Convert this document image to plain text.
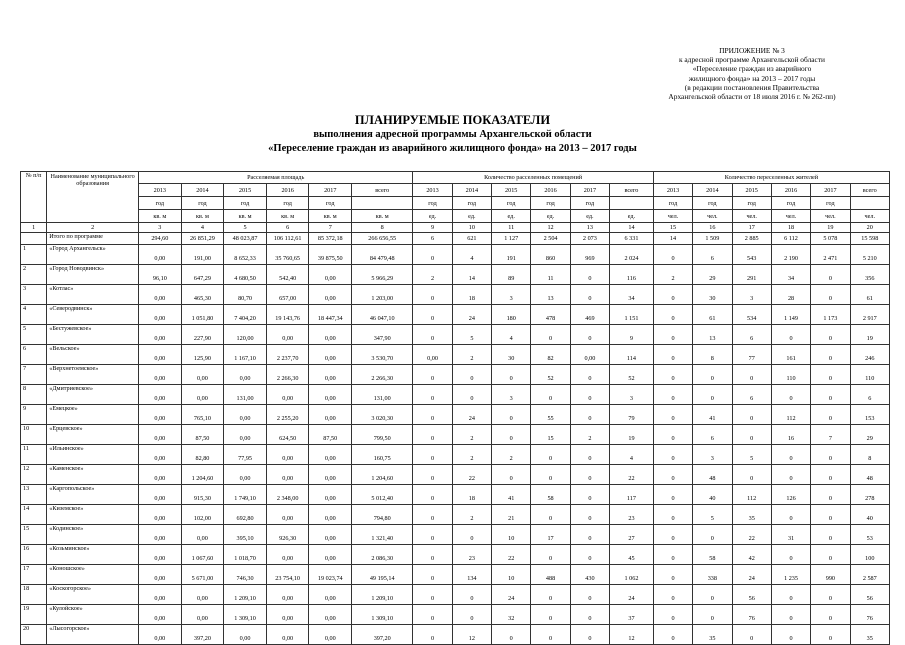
ПРИЛОЖЕНИЕ № 3
к адресной программе Архангельской области
«Переселение граждан из аварийного
жилищного фонда» на 2013 – 2017 годы
(в редакции постановления Правительства
Архангельской области от 18 июля 2016 г. № 262-пп)
ПЛАНИРУЕМЫЕ ПОКАЗАТЕЛИ
выполнения адресной программы Архангельской области
«Переселение граждан из аварийного жилищного фонда» на 2013 – 2017 годы
№ п/п	Наименование муниципального образования	Расселяемая площадь						Количество расселенных помещений						Количество переселенных жителей					
		2013	2014	2015	2016	2017	всего	2013	2014	2015	2016	2017	всего	2013	2014	2015	2016	2017	всего
		год	год	год	год	год		год	год	год	год	год		год	год	год	год	год	
		кв. м	кв. м	кв. м	кв. м	кв. м	кв. м	ед.	ед.	ед.	ед.	ед.	ед.	чел.	чел.	чел.	чел.	чел.	чел.
1	2	3	4	5	6	7	8	9	10	11	12	13	14	15	16	17	18	19	20
	Итого по программе	294,60	26 851,29	48 023,87	106 112,61	85 372,18	266 656,55	6	621	1 127	2 504	2 073	6 331	14	1 509	2 885	6 112	5 078	15 598
1	«Город Архангельск»	0,00	191,00	8 652,33	35 760,65	39 875,50	84 479,48	0	4	191	860	969	2 024	0	6	543	2 190	2 471	5 210
2	«Город Новодвинск»	96,10	647,29	4 680,50	542,40	0,00	5 966,29	2	14	89	11	0	116	2	29	291	34	0	356
3	«Котлас»	0,00	465,30	80,70	657,00	0,00	1 203,00	0	18	3	13	0	34	0	30	3	28	0	61
4	«Северодвинск»	0,00	1 051,80	7 404,20	19 143,76	18 447,34	46 047,10	0	24	180	478	469	1 151	0	61	534	1 149	1 173	2 917
5	«Бестужевское»	0,00	227,90	120,00	0,00	0,00	347,90	0	5	4	0	0	9	0	13	6	0	0	19
6	«Вельское»	0,00	125,90	1 167,10	2 237,70	0,00	3 530,70	0,00	2	30	82	0,00	114	0	8	77	161	0	246
7	«Верхнетоемское»	0,00	0,00	0,00	2 266,30	0,00	2 266,30	0	0	0	52	0	52	0	0	0	110	0	110
8	«Дмитриевское»	0,00	0,00	131,00	0,00	0,00	131,00	0	0	3	0	0	3	0	0	6	0	0	6
9	«Емецкое»	0,00	765,10	0,00	2 255,20	0,00	3 020,30	0	24	0	55	0	79	0	41	0	112	0	153
10	«Ерцевское»	0,00	87,50	0,00	624,50	87,50	799,50	0	2	0	15	2	19	0	6	0	16	7	29
11	«Ильинское»	0,00	82,80	77,95	0,00	0,00	160,75	0	2	2	0	0	4	0	3	5	0	0	8
12	«Каменское»	0,00	1 204,60	0,00	0,00	0,00	1 204,60	0	22	0	0	0	22	0	48	0	0	0	48
13	«Каргопольское»	0,00	915,30	1 749,10	2 348,00	0,00	5 012,40	0	18	41	58	0	117	0	40	112	126	0	278
14	«Киземское»	0,00	102,00	692,80	0,00	0,00	794,80	0	2	21	0	0	23	0	5	35	0	0	40
15	«Кодинское»	0,00	0,00	395,10	926,30	0,00	1 321,40	0	0	10	17	0	27	0	0	22	31	0	53
16	«Козьминское»	0,00	1 067,60	1 018,70	0,00	0,00	2 086,30	0	23	22	0	0	45	0	58	42	0	0	100
17	«Коношское»	0,00	5 671,00	746,30	23 754,10	19 023,74	49 195,14	0	134	10	488	430	1 062	0	338	24	1 235	990	2 587
18	«Коскогорское»	0,00	0,00	1 209,10	0,00	0,00	1 209,10	0	0	24	0	0	24	0	0	56	0	0	56
19	«Кулойское»	0,00	0,00	1 309,10	0,00	0,00	1 309,10	0	0	32	0	0	37	0	0	76	0	0	76
20	«Лысогорское»	0,00	397,20	0,00	0,00	0,00	397,20	0	12	0	0	0	12	0	35	0	0	0	35
